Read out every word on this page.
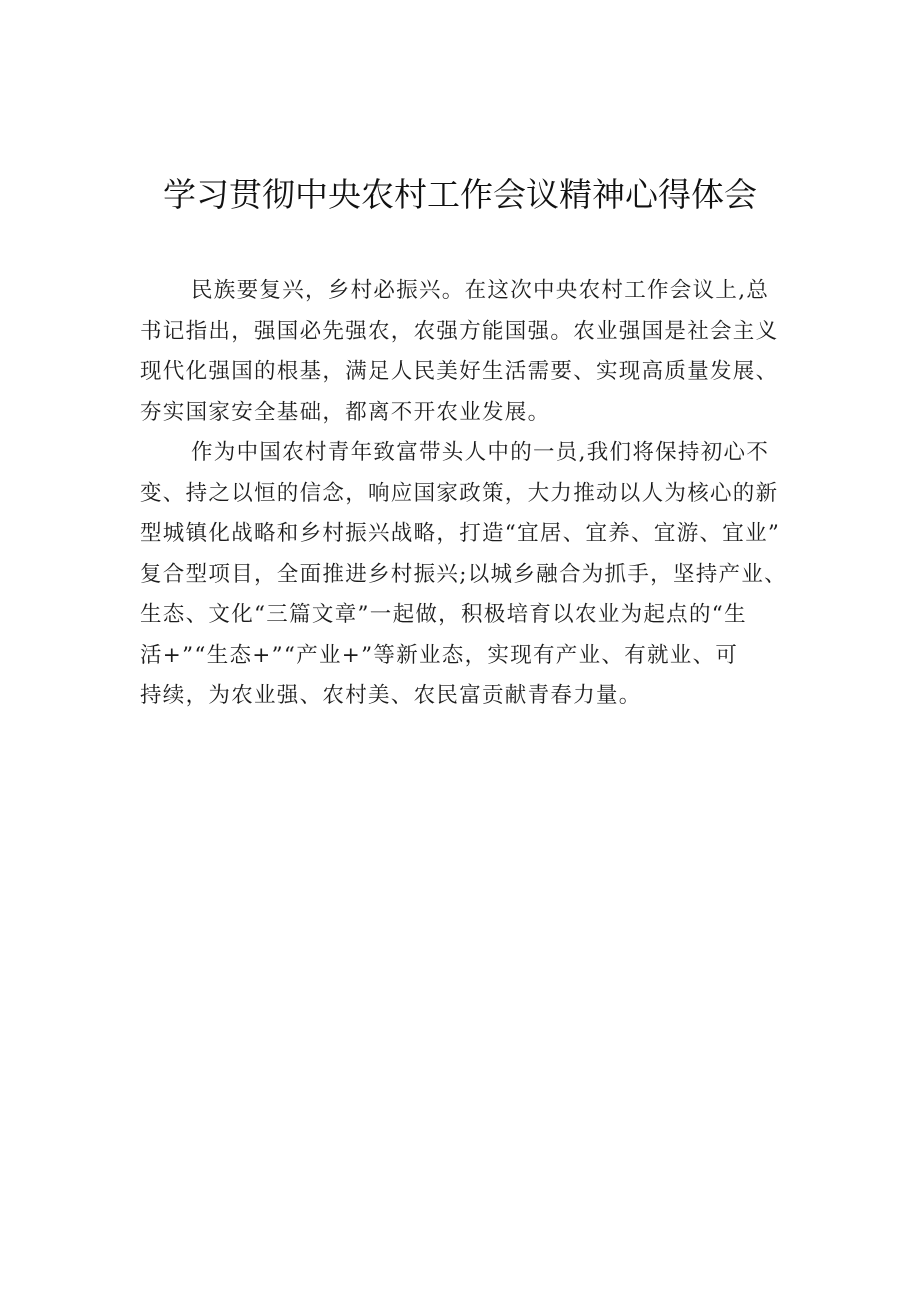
学习贯彻中央农村工作会议精神心得体会

民族要复兴，乡村必振兴。在这次中央农村工作会议上,总
书记指出，强国必先强农，农强方能国强。农业强国是社会主义
现代化强国的根基，满足人民美好生活需要、实现高质量发展、
夯实国家安全基础，都离不开农业发展。

作为中国农村青年致富带头人中的一员,我们将保持初心不
变、持之以恒的信念，响应国家政策，大力推动以人为核心的新
型城镇化战略和乡村振兴战略，打造“宜居、宜养、宜游、宜业”
复合型项目，全面推进乡村振兴;以城乡融合为抓手，坚持产业、
生态、文化“三篇文章”一起做，积极培育以农业为起点的“生
活+”“生态+”“产业+”等新业态，实现有产业、有就业、可
持续，为农业强、农村美、农民富贡献青春力量。
